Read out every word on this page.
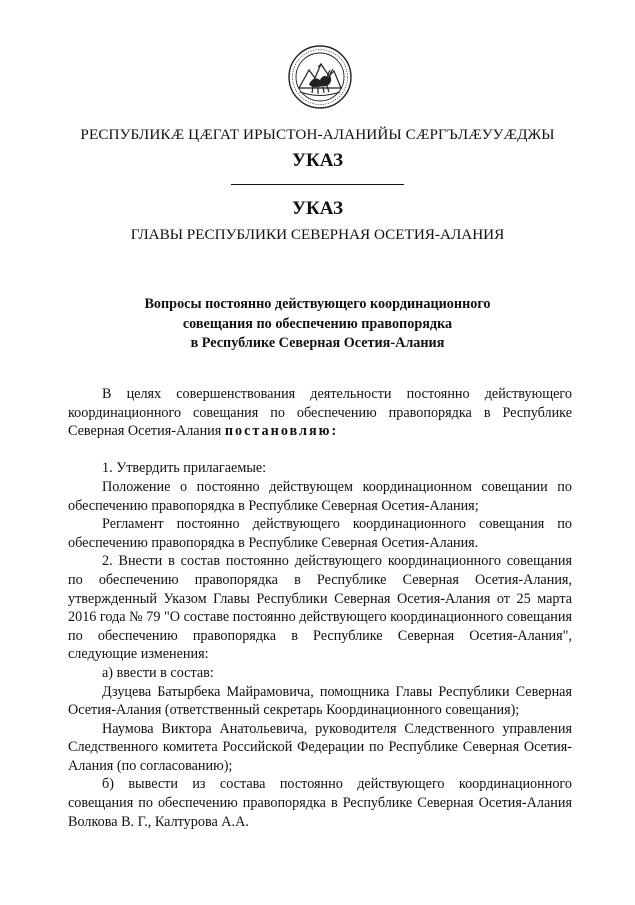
РЕСПУБЛИКӔ ЦӔГАТ ИРЫСТОН-АЛАНИЙЫ СӔРГЪЛӔУУӔДЖЫ
УКАЗ
УКАЗ
ГЛАВЫ РЕСПУБЛИКИ СЕВЕРНАЯ ОСЕТИЯ-АЛАНИЯ
Вопросы постоянно действующего координационного
совещания по обеспечению правопорядка
в Республике Северная Осетия-Алания

В целях совершенствования деятельности постоянно действующего координационного совещания по обеспечению правопорядка в Республике Северная Осетия-Алания постановляю:

1. Утвердить прилагаемые:

Положение о постоянно действующем координационном совещании по обеспечению правопорядка в Республике Северная Осетия-Алания;

Регламент постоянно действующего координационного совещания по обеспечению правопорядка в Республике Северная Осетия-Алания.

2. Внести в состав постоянно действующего координационного совещания по обеспечению правопорядка в Республике Северная Осетия-Алания, утвержденный Указом Главы Республики Северная Осетия-Алания от 25 марта 2016 года № 79 "О составе постоянно действующего координационного совещания по обеспечению правопорядка в Республике Северная Осетия-Алания", следующие изменения:

а) ввести в состав:

Дзуцева Батырбека Майрамовича, помощника Главы Республики Северная Осетия-Алания (ответственный секретарь Координационного совещания);

Наумова Виктора Анатольевича, руководителя Следственного управления Следственного комитета Российской Федерации по Республике Северная Осетия-Алания (по согласованию);

б) вывести из состава постоянно действующего координационного совещания по обеспечению правопорядка в Республике Северная Осетия-Алания Волкова В. Г., Калтурова А.А.
